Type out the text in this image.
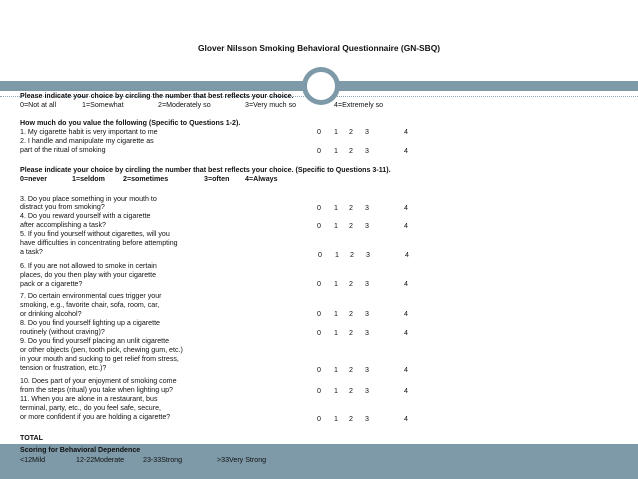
Glover Nilsson Smoking Behavioral Questionnaire (GN-SBQ)
Please indicate your choice by circling the number that best reflects your choice.
0=Not at all	1=Somewhat	2=Moderately so	3=Very much so	4=Extremely so
How much do you value the following (Specific to Questions 1-2).
1. My cigarette habit is very important to me	0 1 2 3	4
2. I handle and manipulate my cigarette as
part of the ritual of smoking	0 1 2 3	4
Please indicate your choice by circling the number that best reflects your choice. (Specific to Questions 3-11).
0=never	1=seldom	2=sometimes	3=often 4=Always
3. Do you place something in your mouth to
distract you from smoking?	0 1 2 3	4
4. Do you reward yourself with a cigarette
after accomplishing a task?	0 1 2 3	4
5. If you find yourself without cigarettes, will you
have difficulties in concentrating before attempting
a task?	0 1 2 3	4
6. If you are not allowed to smoke in certain
places, do you then play with your cigarette
pack or a cigarette?	0 1 2 3	4
7. Do certain environmental cues trigger your
smoking, e.g., favorite chair, sofa, room, car,
or drinking alcohol?	0 1 2 3	4
8. Do you find yourself lighting up a cigarette
routinely (without craving)?	0 1 2 3	4
9. Do you find yourself placing an unlit cigarette
or other objects (pen, tooth pick, chewing gum, etc.)
in your mouth and sucking to get relief from stress,
tension or frustration, etc.)?	0 1 2 3	4
10. Does part of your enjoyment of smoking come
from the steps (ritual) you take when lighting up?	0 1 2 3	4
11. When you are alone in a restaurant, bus
terminal, party, etc., do you feel safe, secure,
or more confident if you are holding a cigarette?	0 1 2 3	4
TOTAL
Scoring for Behavioral Dependence
<12Mild	12-22Moderate	23-33Strong	>33Very Strong
